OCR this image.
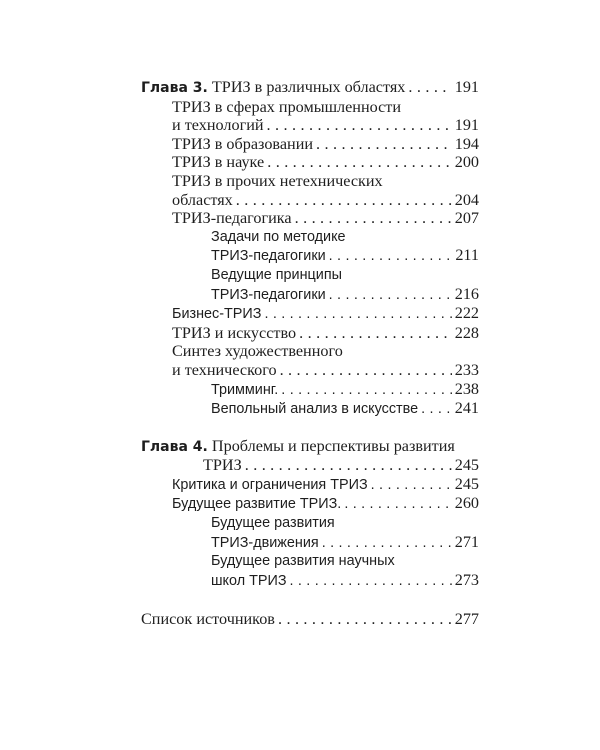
Глава 3. ТРИЗ в различных областях . . .	191
ТРИЗ в сферах промышленности
и технологий . . .	191
ТРИЗ в образовании . . .	194
ТРИЗ в науке . . .	200
ТРИЗ в прочих нетехнических
областях . . .	204
ТРИЗ-педагогика . . .	207
Задачи по методике
ТРИЗ-педагогики . . .	211
Ведущие принципы
ТРИЗ-педагогики . . .	216
Бизнес-ТРИЗ . . .	222
ТРИЗ и искусство . . .	228
Синтез художественного
и технического . . .	233
Тримминг. . . .	238
Вепольный анализ в искусстве . . . 241
Глава 4. Проблемы и перспективы развития
ТРИЗ . . .	245
Критика и ограничения ТРИЗ . . .	245
Будущее развитие ТРИЗ. . . .	260
Будущее развития
ТРИЗ-движения . . .	271
Будущее развития научных
школ ТРИЗ . . .	273
Список источников . . .	277
